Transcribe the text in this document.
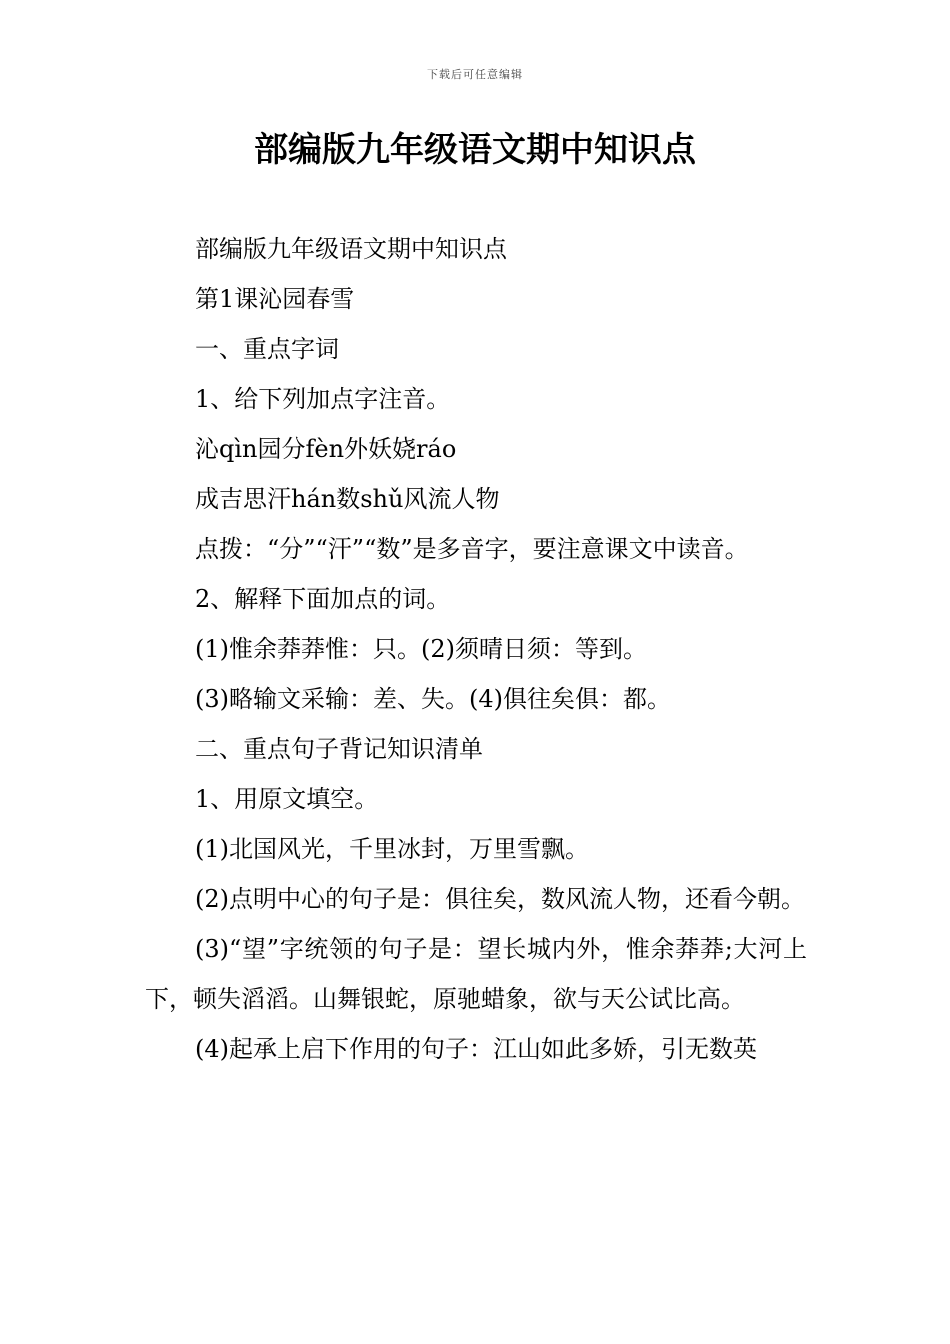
下载后可任意编辑
部编版九年级语文期中知识点

部编版九年级语文期中知识点

第1课沁园春雪

一、重点字词

1、给下列加点字注音。

沁qìn园分fèn外妖娆ráo

成吉思汗hán数shǔ风流人物

点拨：“分”“汗”“数”是多音字，要注意课文中读音。

2、解释下面加点的词。

(1)惟余莽莽惟：只。(2)须晴日须：等到。

(3)略输文采输：差、失。(4)俱往矣俱：都。

二、重点句子背记知识清单

1、用原文填空。

(1)北国风光，千里冰封，万里雪飘。

(2)点明中心的句子是：俱往矣，数风流人物，还看今朝。

(3)“望”字统领的句子是：望长城内外，惟余莽莽;大河上下，顿失滔滔。山舞银蛇，原驰蜡象，欲与天公试比高。

(4)起承上启下作用的句子：江山如此多娇，引无数英
